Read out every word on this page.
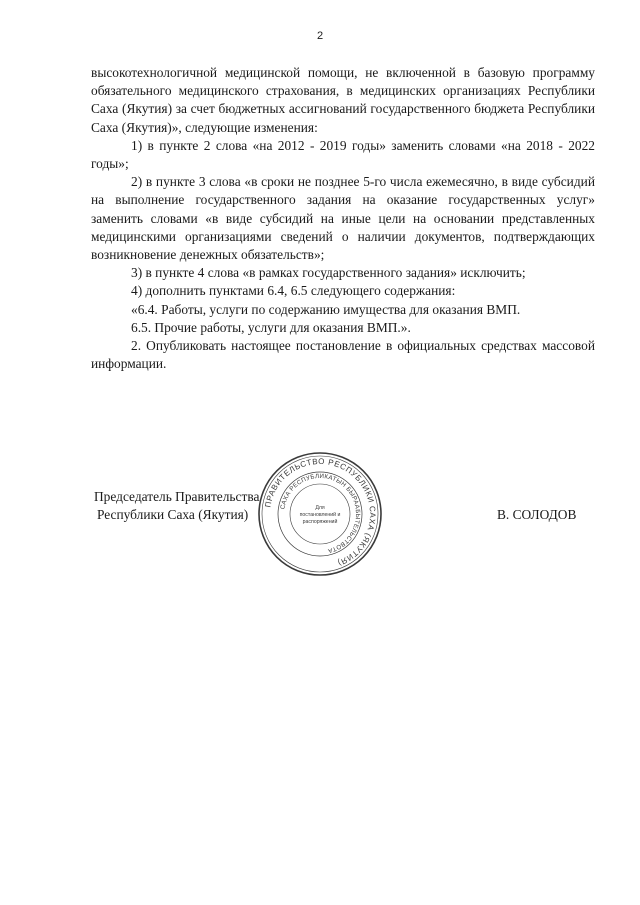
2

высокотехнологичной медицинской помощи, не включенной в базовую программу обязательного медицинского страхования, в медицинских организациях Республики Саха (Якутия) за счет бюджетных ассигнований государственного бюджета Республики Саха (Якутия)», следующие изменения:

1) в пункте 2 слова «на 2012 - 2019 годы» заменить словами «на 2018 - 2022 годы»;

2) в пункте 3 слова «в сроки не позднее 5-го числа ежемесячно, в виде субсидий на выполнение государственного задания на оказание государственных услуг» заменить словами «в виде субсидий на иные цели на основании представленных медицинскими организациями сведений о наличии документов, подтверждающих возникновение денежных обязательств»;

3) в пункте 4 слова «в рамках государственного задания» исключить;

4) дополнить пунктами 6.4, 6.5 следующего содержания:

«6.4. Работы, услуги по содержанию имущества для оказания ВМП.

6.5. Прочие работы, услуги для оказания ВМП.».

2. Опубликовать настоящее постановление в официальных средствах массовой информации.

Председатель Правительства
Республики Саха (Якутия)	В. СОЛОДОВ
ПРАВИТЕЛЬСТВО РЕСПУБЛИКИ САХА (ЯКУТИЯ)
САХА РЕСПУБЛИКАТЫН БЫРААБЫТЕЛЬСТВОТА
Для
постановлений и
распоряжений
